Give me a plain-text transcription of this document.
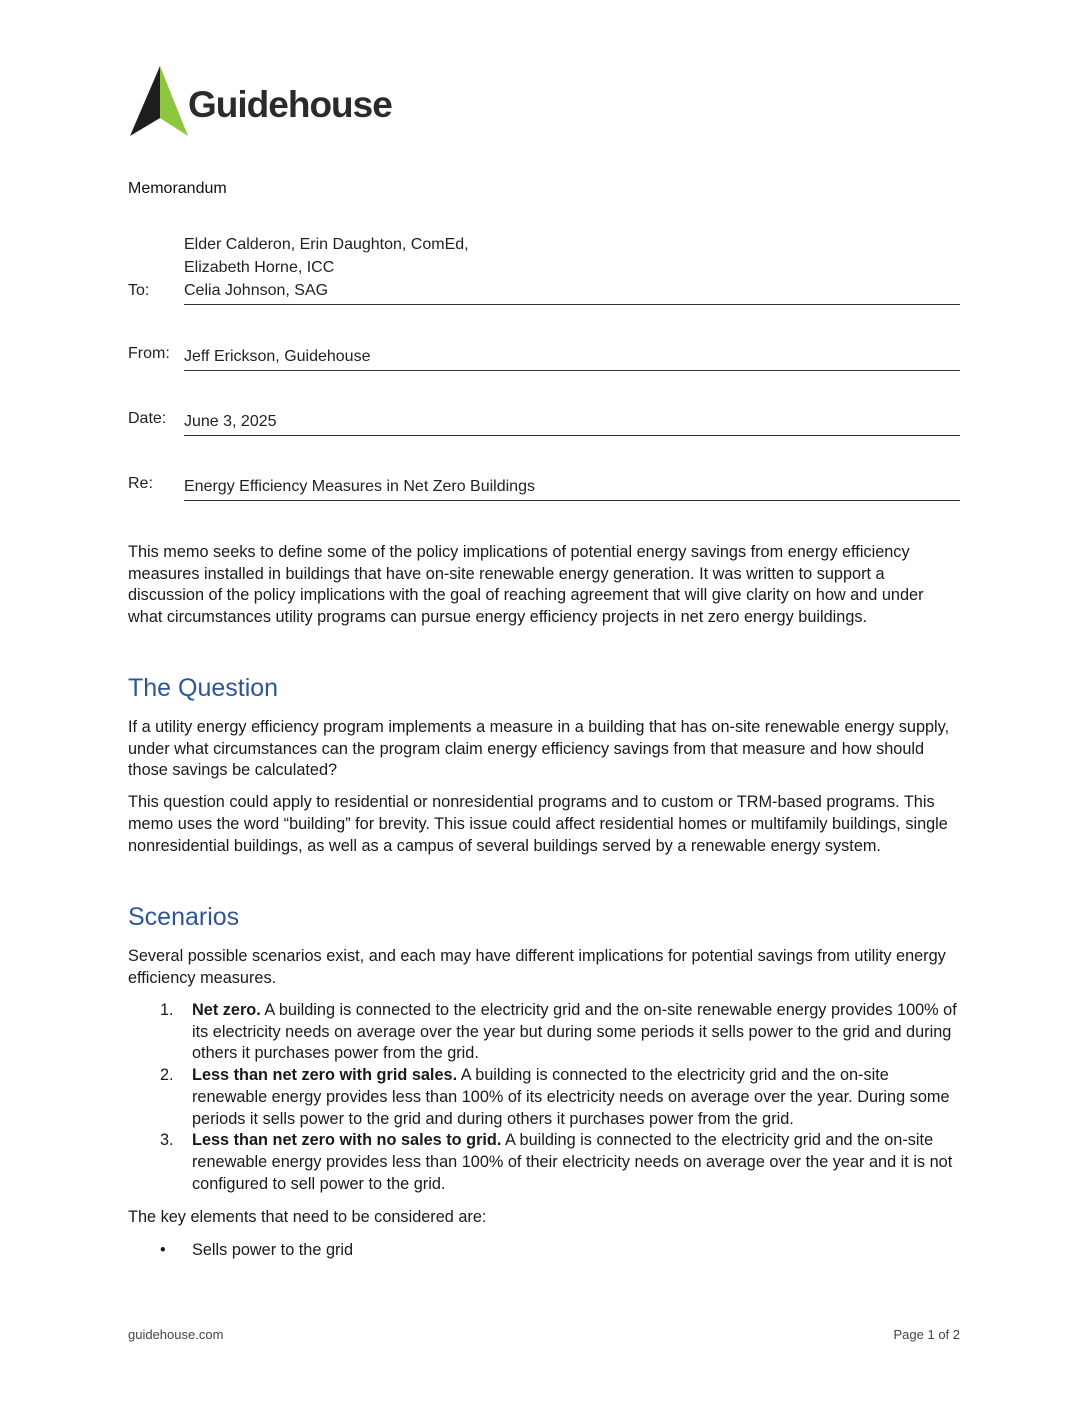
Guidehouse
Memorandum
To:
Elder Calderon, Erin Daughton, ComEd,
Elizabeth Horne, ICC
Celia Johnson, SAG
From: Jeff Erickson, Guidehouse
Date: June 3, 2025
Re: Energy Efficiency Measures in Net Zero Buildings

This memo seeks to define some of the policy implications of potential energy savings from energy efficiency measures installed in buildings that have on-site renewable energy generation. It was written to support a discussion of the policy implications with the goal of reaching agreement that will give clarity on how and under what circumstances utility programs can pursue energy efficiency projects in net zero energy buildings.

The Question

If a utility energy efficiency program implements a measure in a building that has on-site renewable energy supply, under what circumstances can the program claim energy efficiency savings from that measure and how should those savings be calculated?

This question could apply to residential or nonresidential programs and to custom or TRM-based programs. This memo uses the word “building” for brevity. This issue could affect residential homes or multifamily buildings, single nonresidential buildings, as well as a campus of several buildings served by a renewable energy system.

Scenarios

Several possible scenarios exist, and each may have different implications for potential savings from utility energy efficiency measures.

1. Net zero. A building is connected to the electricity grid and the on-site renewable energy provides 100% of its electricity needs on average over the year but during some periods it sells power to the grid and during others it purchases power from the grid.
2. Less than net zero with grid sales. A building is connected to the electricity grid and the on-site renewable energy provides less than 100% of its electricity needs on average over the year. During some periods it sells power to the grid and during others it purchases power from the grid.
3. Less than net zero with no sales to grid. A building is connected to the electricity grid and the on-site renewable energy provides less than 100% of their electricity needs on average over the year and it is not configured to sell power to the grid.

The key elements that need to be considered are:

• Sells power to the grid
guidehouse.com	Page 1 of 2
